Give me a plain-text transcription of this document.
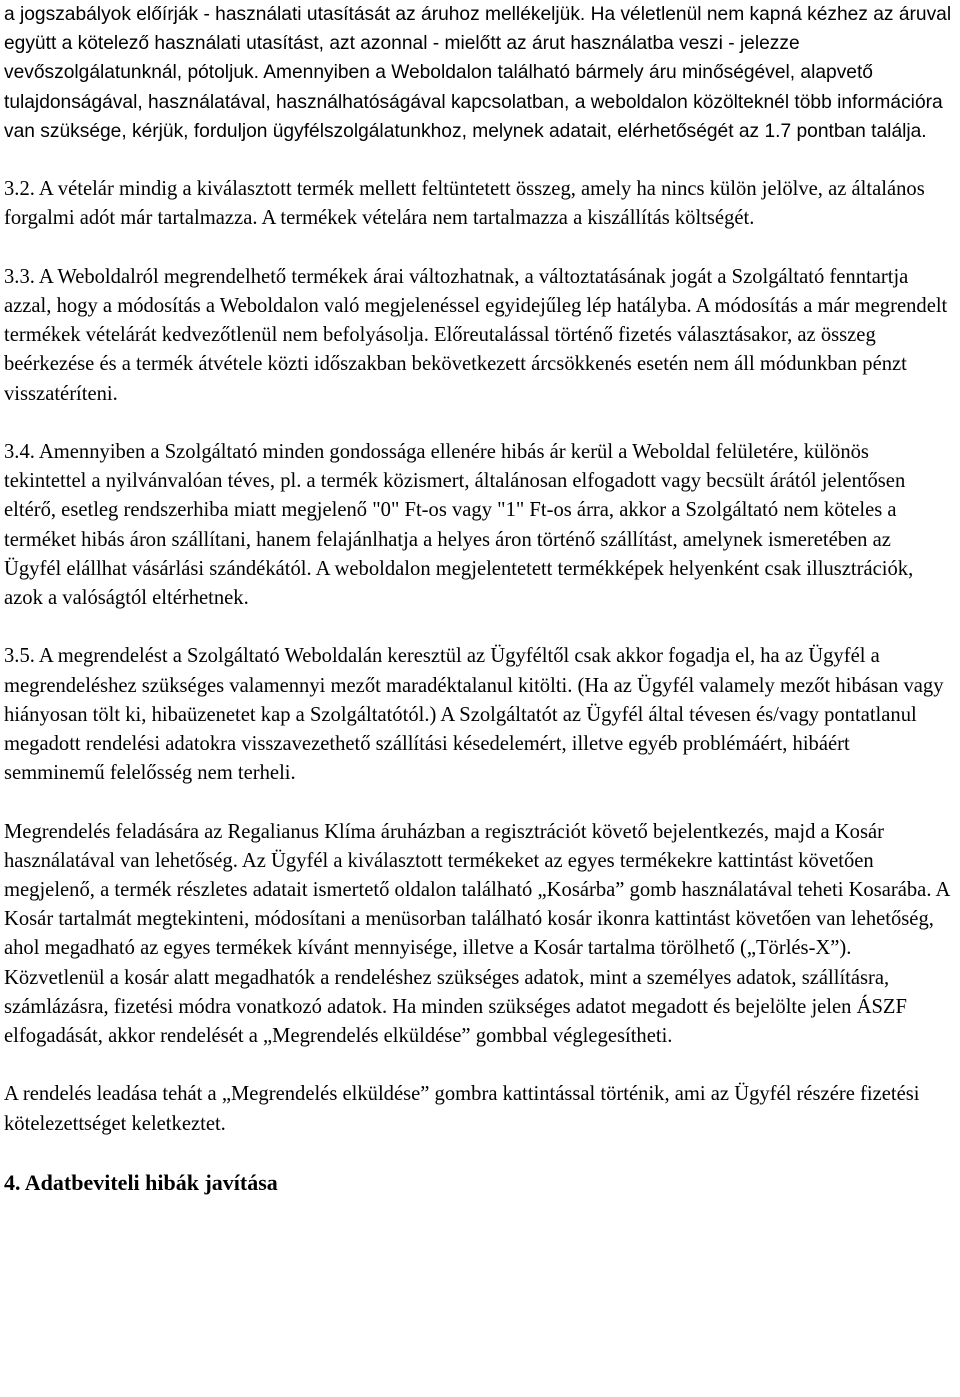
a jogszabályok előírják - használati utasítását az áruhoz mellékeljük. Ha véletlenül nem kapná kézhez az áruval együtt a kötelező használati utasítást, azt azonnal - mielőtt az árut használatba veszi - jelezze vevőszolgálatunknál, pótoljuk. Amennyiben a Weboldalon található bármely áru minőségével, alapvető tulajdonságával, használatával, használhatóságával kapcsolatban, a weboldalon közölteknél több információra van szüksége, kérjük, forduljon ügyfélszolgálatunkhoz, melynek adatait, elérhetőségét az 1.7 pontban találja.

3.2. A vételár mindig a kiválasztott termék mellett feltüntetett összeg, amely ha nincs külön jelölve, az általános forgalmi adót már tartalmazza. A termékek vételára nem tartalmazza a kiszállítás költségét.

3.3. A Weboldalról megrendelhető termékek árai változhatnak, a változtatásának jogát a Szolgáltató fenntartja azzal, hogy a módosítás a Weboldalon való megjelenéssel egyidejűleg lép hatályba. A módosítás a már megrendelt termékek vételárát kedvezőtlenül nem befolyásolja. Előreutalással történő fizetés választásakor, az összeg beérkezése és a termék átvétele közti időszakban bekövetkezett árcsökkenés esetén nem áll módunkban pénzt visszatéríteni.

3.4. Amennyiben a Szolgáltató minden gondossága ellenére hibás ár kerül a Weboldal felületére, különös tekintettel a nyilvánvalóan téves, pl. a termék közismert, általánosan elfogadott vagy becsült árától jelentősen eltérő, esetleg rendszerhiba miatt megjelenő "0" Ft-os vagy "1" Ft-os árra, akkor a Szolgáltató nem köteles a terméket hibás áron szállítani, hanem felajánlhatja a helyes áron történő szállítást, amelynek ismeretében az Ügyfél elállhat vásárlási szándékától. A weboldalon megjelentetett termékképek helyenként csak illusztrációk, azok a valóságtól eltérhetnek.

3.5. A megrendelést a Szolgáltató Weboldalán keresztül az Ügyféltől csak akkor fogadja el, ha az Ügyfél a megrendeléshez szükséges valamennyi mezőt maradéktalanul kitölti. (Ha az Ügyfél valamely mezőt hibásan vagy hiányosan tölt ki, hibaüzenetet kap a Szolgáltatótól.) A Szolgáltatót az Ügyfél által tévesen és/vagy pontatlanul megadott rendelési adatokra visszavezethető szállítási késedelemért, illetve egyéb problémáért, hibáért semminemű felelősség nem terheli.

Megrendelés feladására az Regalianus Klíma áruházban a regisztrációt követő bejelentkezés, majd a Kosár használatával van lehetőség. Az Ügyfél a kiválasztott termékeket az egyes termékekre kattintást követően megjelenő, a termék részletes adatait ismertető oldalon található „Kosárba” gomb használatával teheti Kosarába. A Kosár tartalmát megtekinteni, módosítani a menüsorban található kosár ikonra kattintást követően van lehetőség, ahol megadható az egyes termékek kívánt mennyisége, illetve a Kosár tartalma törölhető („Törlés-X”). Közvetlenül a kosár alatt megadhatók a rendeléshez szükséges adatok, mint a személyes adatok, szállításra, számlázásra, fizetési módra vonatkozó adatok. Ha minden szükséges adatot megadott és bejelölte jelen ÁSZF elfogadását, akkor rendelését a „Megrendelés elküldése” gombbal véglegesítheti.

A rendelés leadása tehát a „Megrendelés elküldése” gombra kattintással történik, ami az Ügyfél részére fizetési kötelezettséget keletkeztet.

4. Adatbeviteli hibák javítása
